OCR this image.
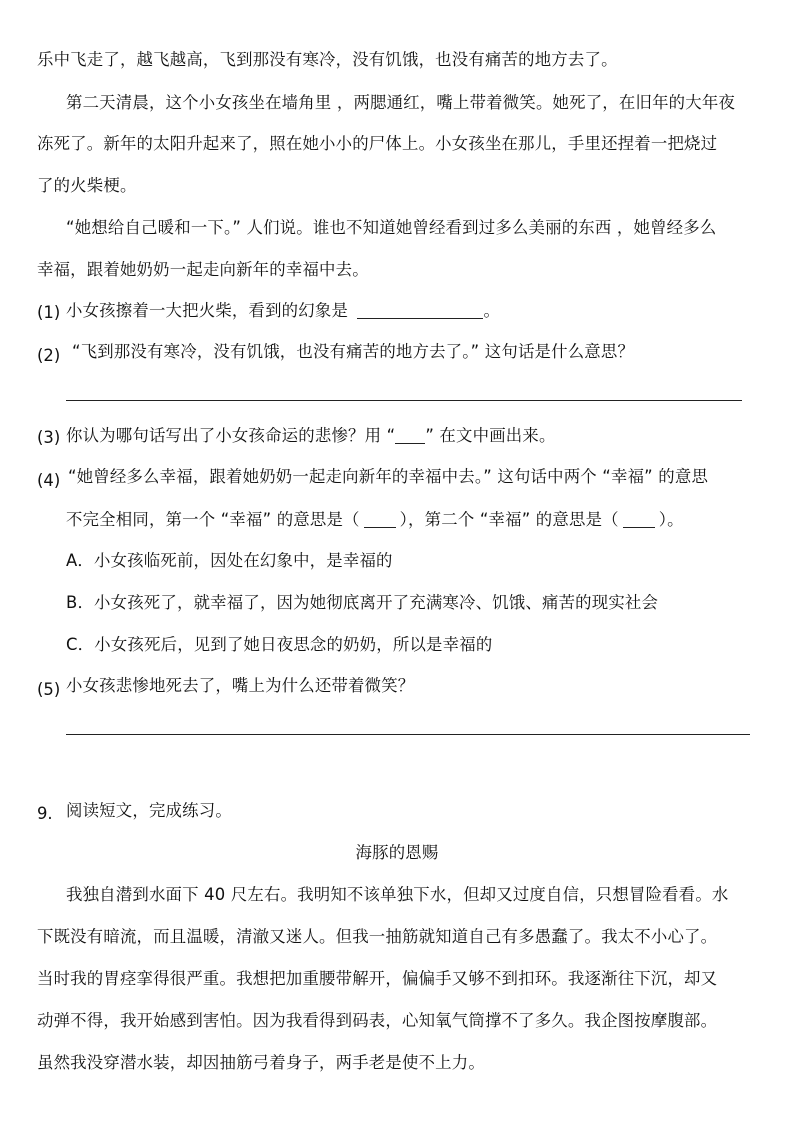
乐中飞走了，越飞越高，飞到那没有寒冷，没有饥饿，也没有痛苦的地方去了。
第二天清晨，这个小女孩坐在墙角里 ，两腮通红，嘴上带着微笑。她死了，在旧年的大年夜
冻死了。新年的太阳升起来了，照在她小小的尸体上。小女孩坐在那儿，手里还捏着一把烧过
了的火柴梗。
“她想给自己暖和一下。” 人们说。谁也不知道她曾经看到过多么美丽的东西 ，她曾经多么
幸福，跟着她奶奶一起走向新年的幸福中去。
(1) 小女孩擦着一大把火柴，看到的幻象是	。
(2) “飞到那没有寒冷，没有饥饿，也没有痛苦的地方去了。” 这句话是什么意思？
(3) 你认为哪句话写出了小女孩命运的悲惨？用 “ ” 在文中画出来。
(4) “她曾经多么幸福，跟着她奶奶一起走向新年的幸福中去。” 这句话中两个 “幸福” 的意思
不完全相同，第一个 “幸福” 的意思是（ ），第二个 “幸福” 的意思是（ ）。
A．小女孩临死前，因处在幻象中，是幸福的
B．小女孩死了，就幸福了，因为她彻底离开了充满寒冷、饥饿、痛苦的现实社会
C．小女孩死后，见到了她日夜思念的奶奶，所以是幸福的
(5) 小女孩悲惨地死去了，嘴上为什么还带着微笑？
9. 阅读短文，完成练习。
海豚的恩赐
我独自潜到水面下 40 尺左右。我明知不该单独下水，但却又过度自信，只想冒险看看。水
下既没有暗流，而且温暖，清澈又迷人。但我一抽筋就知道自己有多愚蠢了。我太不小心了。
当时我的胃痉挛得很严重。我想把加重腰带解开，偏偏手又够不到扣环。我逐渐往下沉，却又
动弹不得，我开始感到害怕。因为我看得到码表，心知氧气筒撑不了多久。我企图按摩腹部。
虽然我没穿潜水装，却因抽筋弓着身子，两手老是使不上力。
